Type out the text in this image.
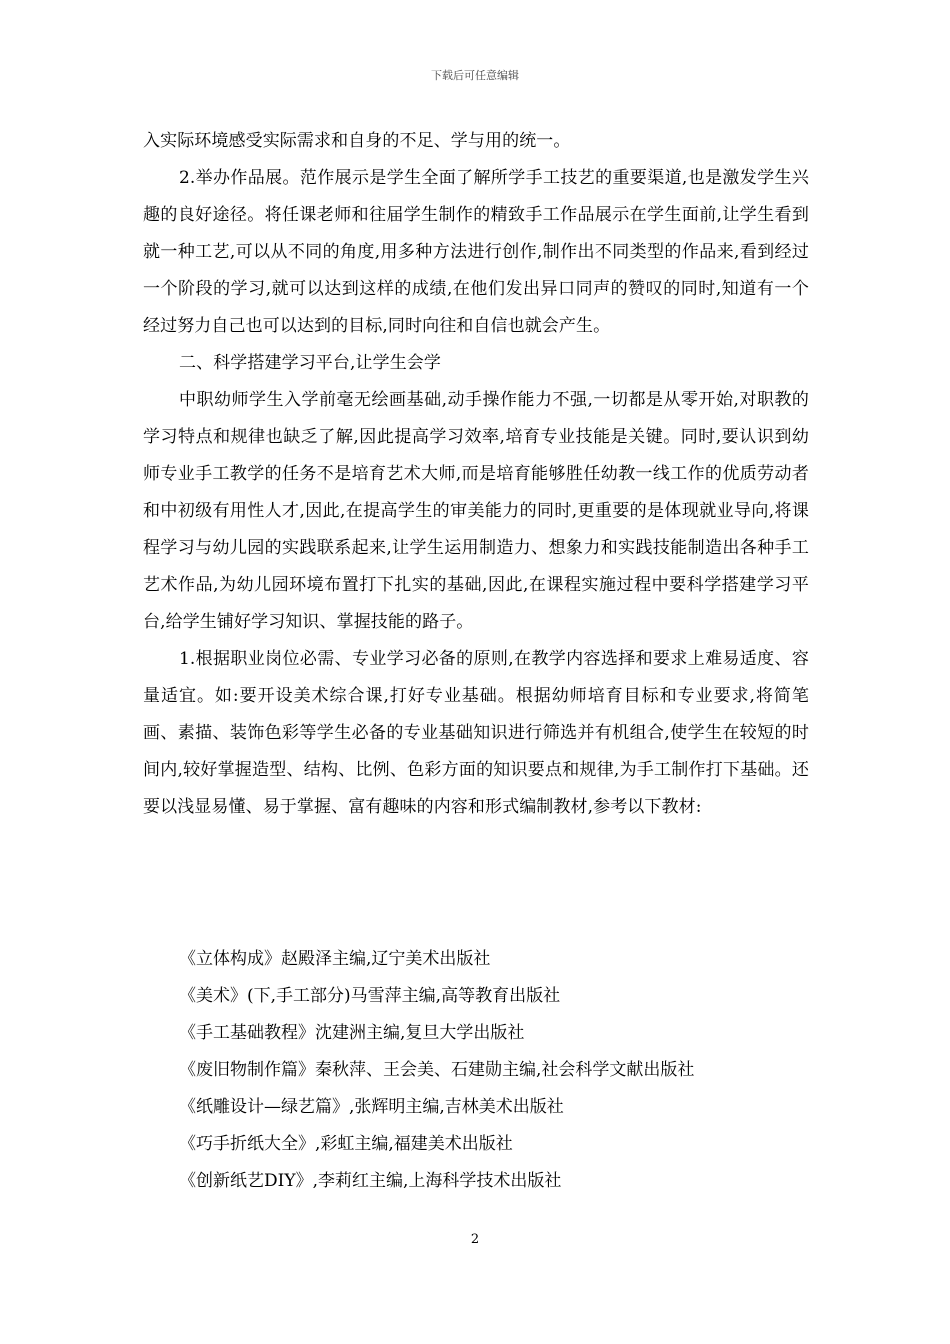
下载后可任意编辑

入实际环境感受实际需求和自身的不足、学与用的统一。

2.举办作品展。范作展示是学生全面了解所学手工技艺的重要渠道,也是激发学生兴趣的良好途径。将任课老师和往届学生制作的精致手工作品展示在学生面前,让学生看到就一种工艺,可以从不同的角度,用多种方法进行创作,制作出不同类型的作品来,看到经过一个阶段的学习,就可以达到这样的成绩,在他们发出异口同声的赞叹的同时,知道有一个经过努力自己也可以达到的目标,同时向往和自信也就会产生。

二、科学搭建学习平台,让学生会学

中职幼师学生入学前毫无绘画基础,动手操作能力不强,一切都是从零开始,对职教的学习特点和规律也缺乏了解,因此提高学习效率,培育专业技能是关键。同时,要认识到幼师专业手工教学的任务不是培育艺术大师,而是培育能够胜任幼教一线工作的优质劳动者和中初级有用性人才,因此,在提高学生的审美能力的同时,更重要的是体现就业导向,将课程学习与幼儿园的实践联系起来,让学生运用制造力、想象力和实践技能制造出各种手工艺术作品,为幼儿园环境布置打下扎实的基础,因此,在课程实施过程中要科学搭建学习平台,给学生铺好学习知识、掌握技能的路子。

1.根据职业岗位必需、专业学习必备的原则,在教学内容选择和要求上难易适度、容量适宜。如:要开设美术综合课,打好专业基础。根据幼师培育目标和专业要求,将简笔画、素描、装饰色彩等学生必备的专业基础知识进行筛选并有机组合,使学生在较短的时间内,较好掌握造型、结构、比例、色彩方面的知识要点和规律,为手工制作打下基础。还要以浅显易懂、易于掌握、富有趣味的内容和形式编制教材,参考以下教材:

《立体构成》赵殿泽主编,辽宁美术出版社

《美术》(下,手工部分)马雪萍主编,高等教育出版社

《手工基础教程》沈建洲主编,复旦大学出版社

《废旧物制作篇》秦秋萍、王会美、石建勋主编,社会科学文献出版社

《纸雕设计—绿艺篇》,张辉明主编,吉林美术出版社

《巧手折纸大全》,彩虹主编,福建美术出版社

《创新纸艺DIY》,李莉红主编,上海科学技术出版社

2
